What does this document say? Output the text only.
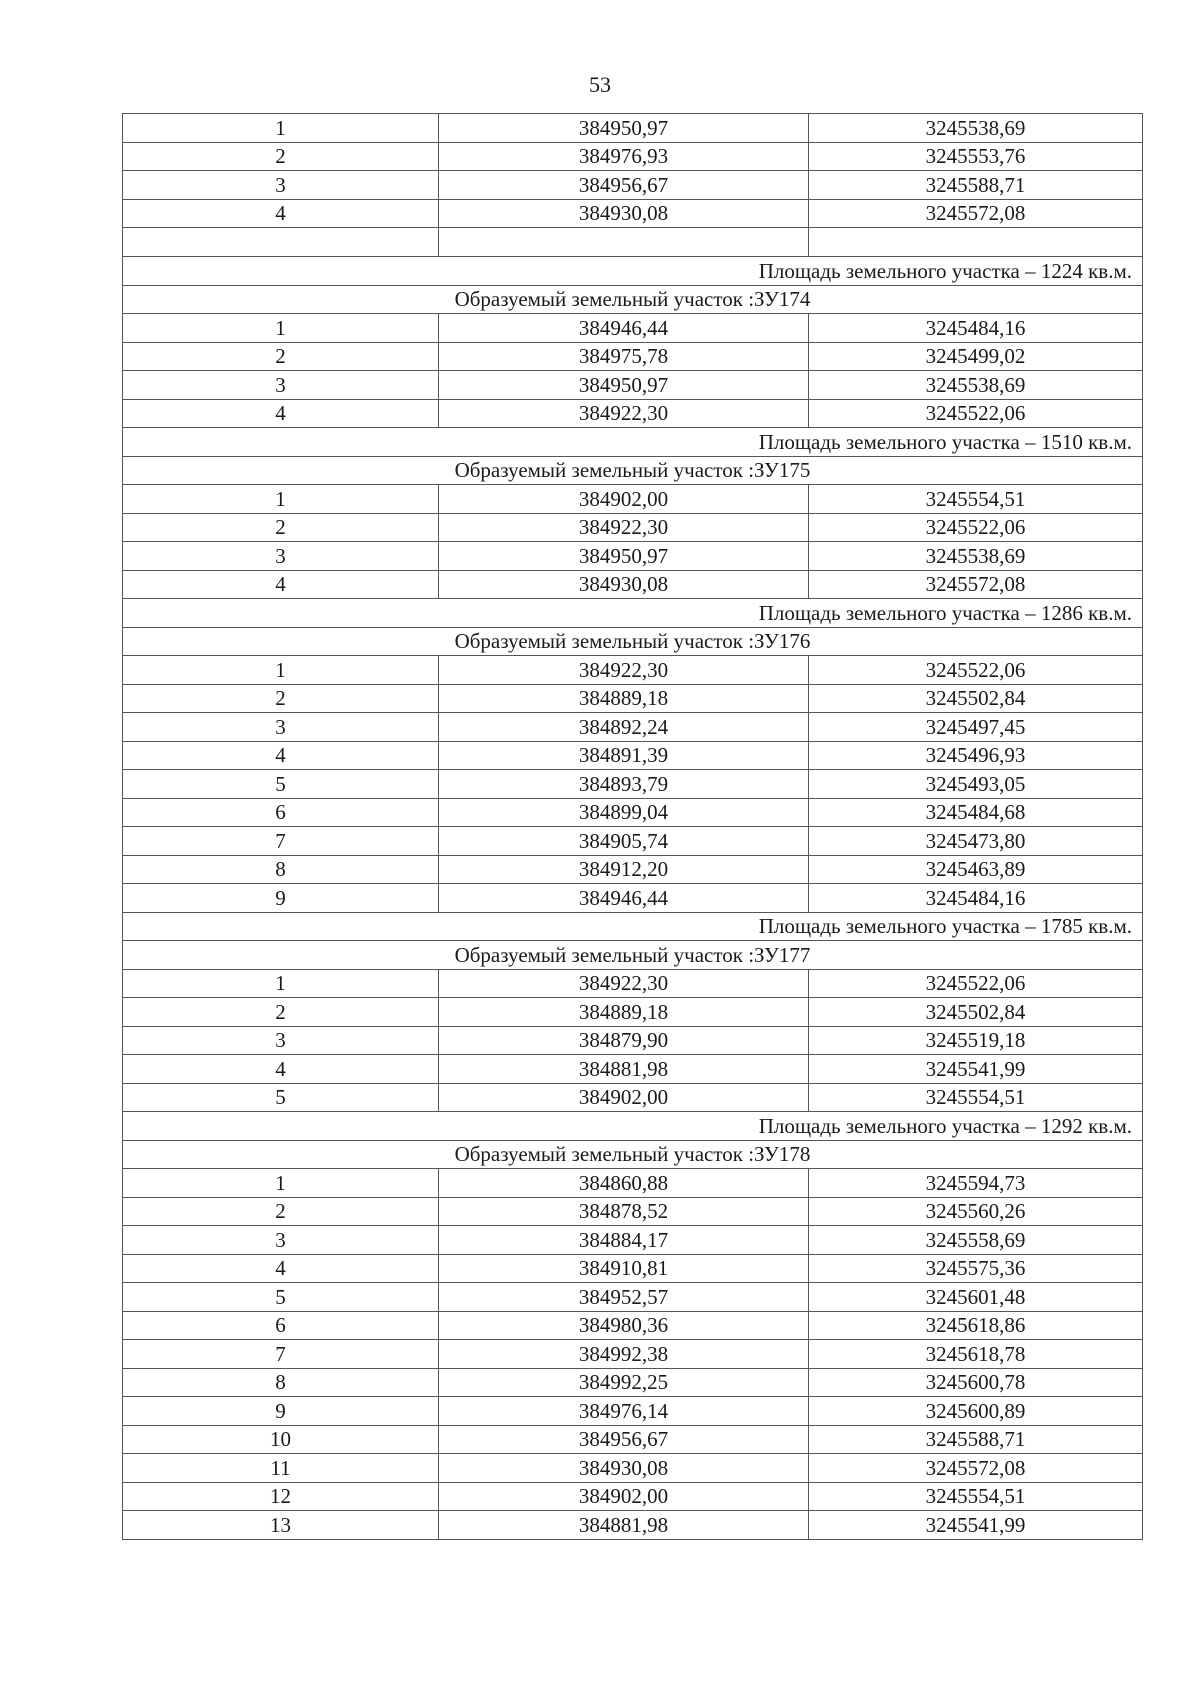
53
1	384950,97	3245538,69
2	384976,93	3245553,76
3	384956,67	3245588,71
4	384930,08	3245572,08

Площадь земельного участка – 1224 кв.м.		
Образуемый земельный участок :ЗУ174		
1	384946,44	3245484,16
2	384975,78	3245499,02
3	384950,97	3245538,69
4	384922,30	3245522,06
Площадь земельного участка – 1510 кв.м.		
Образуемый земельный участок :ЗУ175		
1	384902,00	3245554,51
2	384922,30	3245522,06
3	384950,97	3245538,69
4	384930,08	3245572,08
Площадь земельного участка – 1286 кв.м.		
Образуемый земельный участок :ЗУ176		
1	384922,30	3245522,06
2	384889,18	3245502,84
3	384892,24	3245497,45
4	384891,39	3245496,93
5	384893,79	3245493,05
6	384899,04	3245484,68
7	384905,74	3245473,80
8	384912,20	3245463,89
9	384946,44	3245484,16
Площадь земельного участка – 1785 кв.м.		
Образуемый земельный участок :ЗУ177		
1	384922,30	3245522,06
2	384889,18	3245502,84
3	384879,90	3245519,18
4	384881,98	3245541,99
5	384902,00	3245554,51
Площадь земельного участка – 1292 кв.м.		
Образуемый земельный участок :ЗУ178		
1	384860,88	3245594,73
2	384878,52	3245560,26
3	384884,17	3245558,69
4	384910,81	3245575,36
5	384952,57	3245601,48
6	384980,36	3245618,86
7	384992,38	3245618,78
8	384992,25	3245600,78
9	384976,14	3245600,89
10	384956,67	3245588,71
11	384930,08	3245572,08
12	384902,00	3245554,51
13	384881,98	3245541,99
